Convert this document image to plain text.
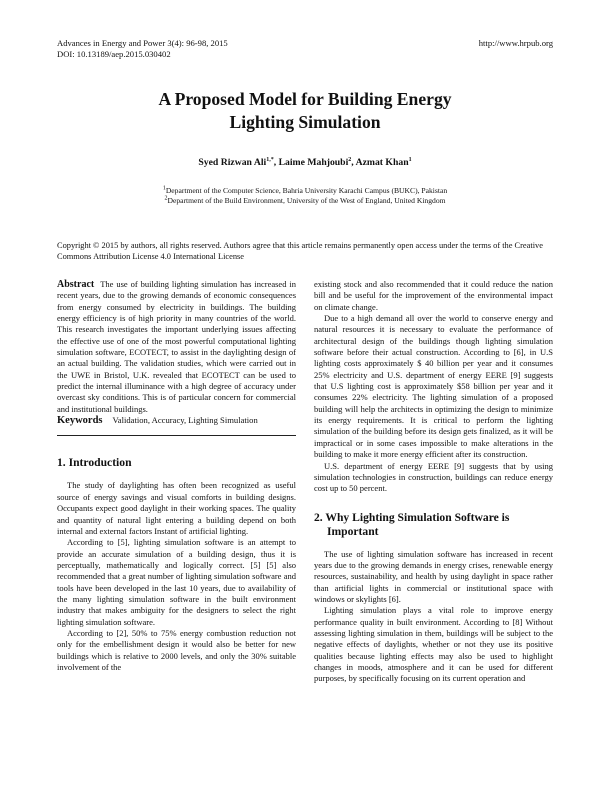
Advances in Energy and Power 3(4): 96-98, 2015
DOI: 10.13189/aep.2015.030402
http://www.hrpub.org
A Proposed Model for Building Energy
Lighting Simulation
Syed Rizwan Ali$^{1,*}$, Laime Mahjoubi$^2$, Azmat Khan$^1$
$^1$Department of the Computer Science, Bahria University Karachi Campus (BUKC), Pakistan
$^2$Department of the Build Environment, University of the West of England, United Kingdom
Copyright © 2015 by authors, all rights reserved. Authors agree that this article remains permanently open access under the terms of the Creative Commons Attribution License 4.0 International License

Abstract The use of building lighting simulation has increased in recent years, due to the growing demands of economic consequences from energy consumed by electricity in buildings. The building energy efficiency is of high priority in many countries of the world. This research investigates the important underlying issues affecting the effective use of one of the most powerful computational lighting simulation software, ECOTECT, to assist in the daylighting design of an actual building. The validation studies, which were carried out in the UWE in Bristol, U.K. revealed that ECOTECT can be used to predict the internal illuminance with a high degree of accuracy under overcast sky conditions. This is of particular concern for commercial and institutional buildings.

Keywords Validation, Accuracy, Lighting Simulation

1. Introduction

The study of daylighting has often been recognized as useful source of energy savings and visual comforts in building designs. Occupants expect good daylight in their working spaces. The quality and quantity of natural light entering a building depend on both internal and external factors Instant of artificial lighting.

According to [5], lighting simulation software is an attempt to provide an accurate simulation of a building design, thus it is perceptually, mathematically and logically correct. [5] [5] also recommended that a great number of lighting simulation software and tools have been developed in the last 10 years, due to availability of the many lighting simulation software in the built environment industry that makes ambiguity for the designers to select the right lighting simulation software.

According to [2], 50% to 75% energy combustion reduction not only for the embellishment design it would also be better for new buildings which is relative to 2000 levels, and only the 30% suitable involvement of the

existing stock and also recommended that it could reduce the nation bill and be useful for the improvement of the environmental impact on climate change.

Due to a high demand all over the world to conserve energy and natural resources it is necessary to evaluate the performance of architectural design of the buildings though lighting simulation software before their actual construction. According to [6], in U.S lighting costs approximately $ 40 billion per year and it consumes 25% electricity and U.S. department of energy EERE [9] suggests that U.S lighting cost is approximately $58 billion per year and it consumes 22% electricity. The lighting simulation of a proposed building will help the architects in optimizing the design to minimize its energy requirements. It is critical to perform the lighting simulation of the building before its design gets finalized, as it will be impractical or in some cases impossible to make alterations in the building to make it more energy efficient after its construction.

U.S. department of energy EERE [9] suggests that by using simulation technologies in construction, buildings can reduce energy cost up to 50 percent.

2. Why Lighting Simulation Software is
Important

The use of lighting simulation software has increased in recent years due to the growing demands in energy crises, renewable energy resources, sustainability, and health by using daylight in space rather than artificial lights in commercial or institutional space with windows or skylights [6].

Lighting simulation plays a vital role to improve energy performance quality in built environment. According to [8] Without assessing lighting simulation in them, buildings will be subject to the negative effects of daylights, whether or not they use its positive qualities because lighting effects may also be used to highlight changes in moods, atmosphere and it can be used for different purposes, by specifically focusing on its current operation and
